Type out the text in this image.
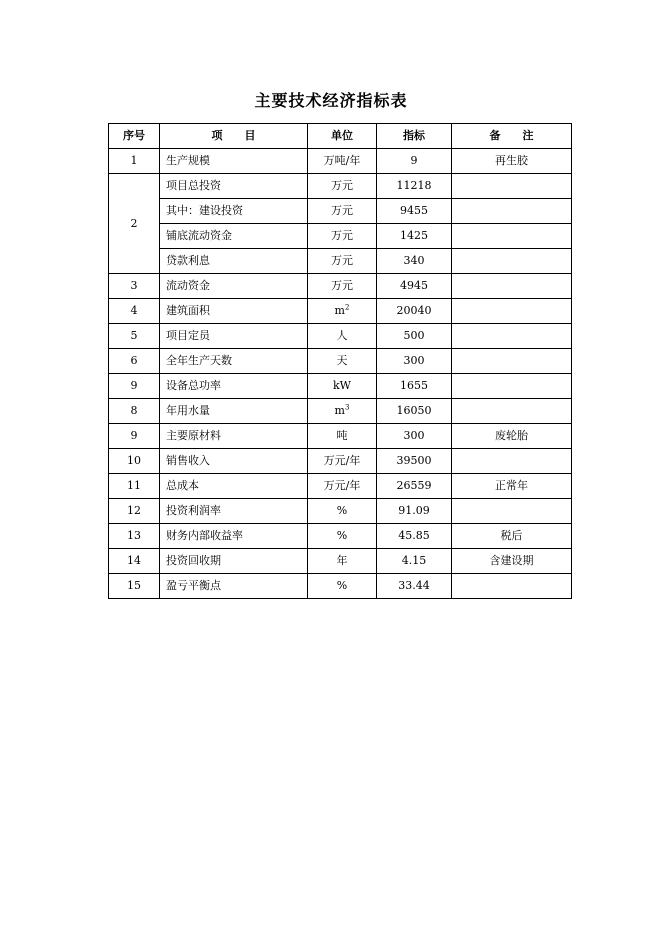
主要技术经济指标表
序号	项　　目	单位	指标	备　　注
1	生产规模	万吨/年	9	再生胶
2	项目总投资	万元	11218	
	其中：建设投资	万元	9455	
	铺底流动资金	万元	1425	
	贷款利息	万元	340	
3	流动资金	万元	4945	
4	建筑面积	$m^2$	20040	
5	项目定员	人	500	
6	全年生产天数	天	300	
9	设备总功率	kW	1655	
8	年用水量	$m^3$	16050	
9	主要原材料	吨	300	废轮胎
10	销售收入	万元/年	39500	
11	总成本	万元/年	26559	正常年
12	投资利润率	%	91.09	
13	财务内部收益率	%	45.85	税后
14	投资回收期	年	4.15	含建设期
15	盈亏平衡点	%	33.44	
